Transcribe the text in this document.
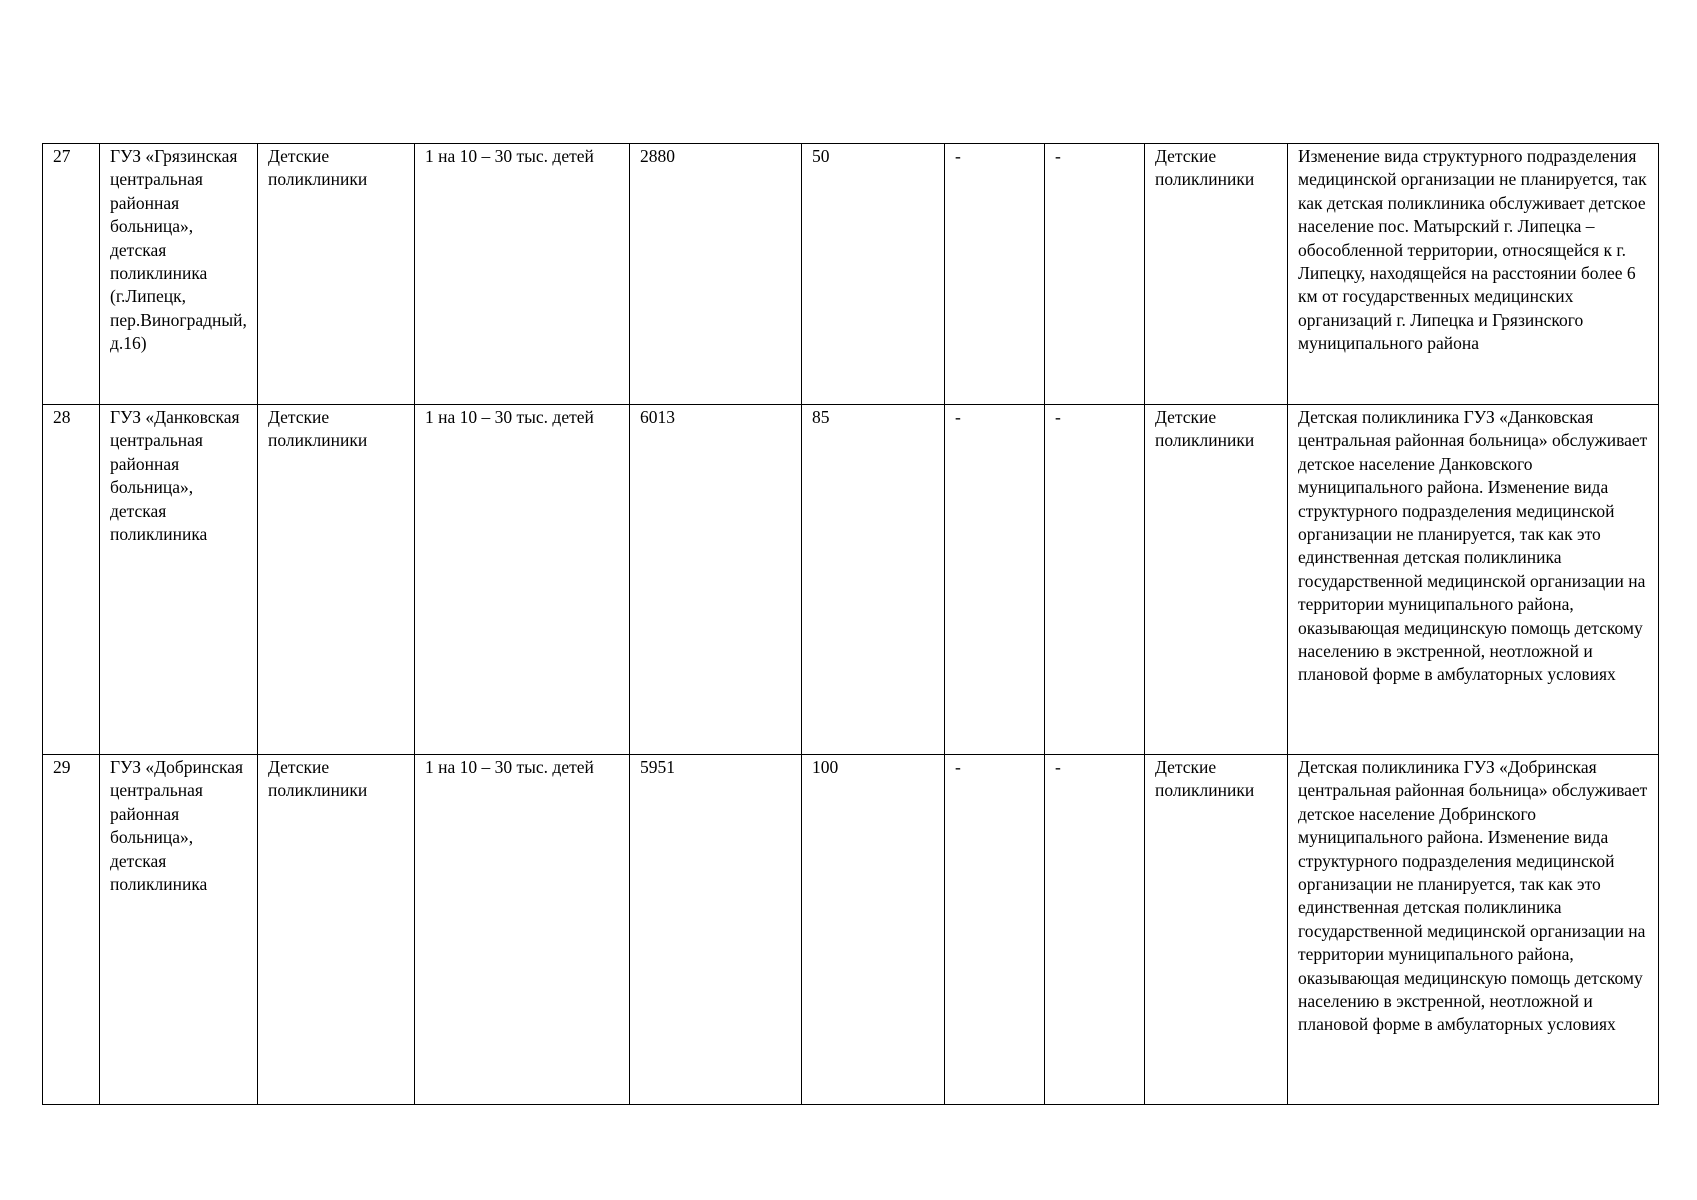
27	ГУЗ «Грязинская центральная районная больница», детская поликлиника (г.Липецк, пер.Виноградный, д.16)	Детские поликлиники	1 на 10 – 30 тыс. детей	2880	50	-	-	Детские поликлиники	Изменение вида структурного подразделения медицинской организации не планируется, так как детская поликлиника обслуживает детское население пос. Матырский г. Липецка – обособленной территории, относящейся к г. Липецку, находящейся на расстоянии более 6 км от государственных медицинских организаций г. Липецка и Грязинского муниципального района
28	ГУЗ «Данковская центральная районная больница», детская поликлиника	Детские поликлиники	1 на 10 – 30 тыс. детей	6013	85	-	-	Детские поликлиники	Детская поликлиника ГУЗ «Данковская центральная районная больница» обслуживает детское население Данковского муниципального района. Изменение вида структурного подразделения медицинской организации не планируется, так как это единственная детская поликлиника государственной медицинской организации на территории муниципального района, оказывающая медицинскую помощь детскому населению в экстренной, неотложной и плановой форме в амбулаторных условиях
29	ГУЗ «Добринская центральная районная больница», детская поликлиника	Детские поликлиники	1 на 10 – 30 тыс. детей	5951	100	-	-	Детские поликлиники	Детская поликлиника ГУЗ «Добринская центральная районная больница» обслуживает детское население Добринского муниципального района. Изменение вида структурного подразделения медицинской организации не планируется, так как это единственная детская поликлиника государственной медицинской организации на территории муниципального района, оказывающая медицинскую помощь детскому населению в экстренной, неотложной и плановой форме в амбулаторных условиях
